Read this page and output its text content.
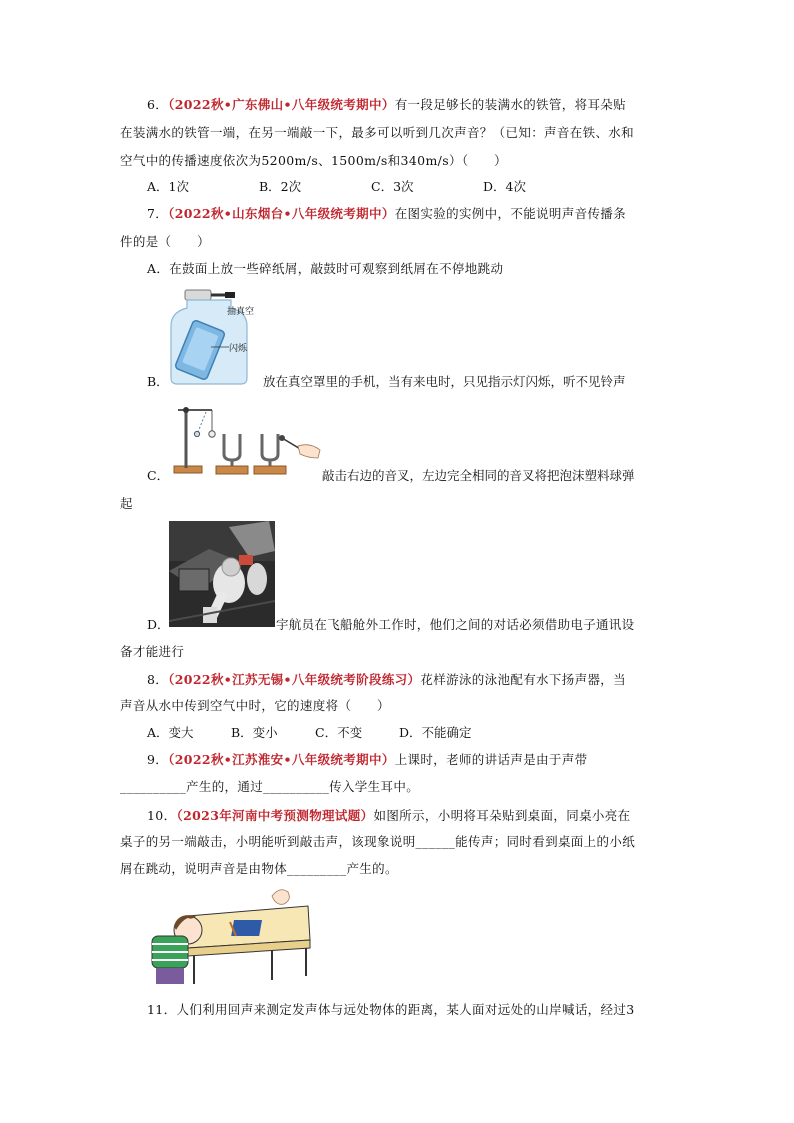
6．（2022秋•广东佛山•八年级统考期中）有一段足够长的装满水的铁管，将耳朵贴
在装满水的铁管一端，在另一端敲一下，最多可以听到几次声音？（已知：声音在铁、水和
空气中的传播速度依次为5200m/s、1500m/s和340m/s）（　　）
A．1次	B．2次	C．3次	D．4次
7．（2022秋•山东烟台•八年级统考期中）在图实验的实例中，不能说明声音传播条
件的是（　　）
A．在鼓面上放一些碎纸屑，敲鼓时可观察到纸屑在不停地跳动
抽真空
闪烁
B．	放在真空罩里的手机，当有来电时，只见指示灯闪烁，听不见铃声
C．	敲击右边的音叉，左边完全相同的音叉将把泡沫塑料球弹
起
D．	宇航员在飞船舱外工作时，他们之间的对话必须借助电子通讯设
备才能进行
8．（2022秋•江苏无锡•八年级统考阶段练习）花样游泳的泳池配有水下扬声器，当
声音从水中传到空气中时，它的速度将（　　）
A．变大	B．变小	C．不变	D．不能确定
9．（2022秋•江苏淮安•八年级统考期中）上课时，老师的讲话声是由于声带
__________产生的，通过__________传入学生耳中。
10．（2023年河南中考预测物理试题）如图所示，小明将耳朵贴到桌面，同桌小亮在
桌子的另一端敲击，小明能听到敲击声，该现象说明______能传声；同时看到桌面上的小纸
屑在跳动，说明声音是由物体_________产生的。
11．人们利用回声来测定发声体与远处物体的距离，某人面对远处的山岸喊话，经过3
